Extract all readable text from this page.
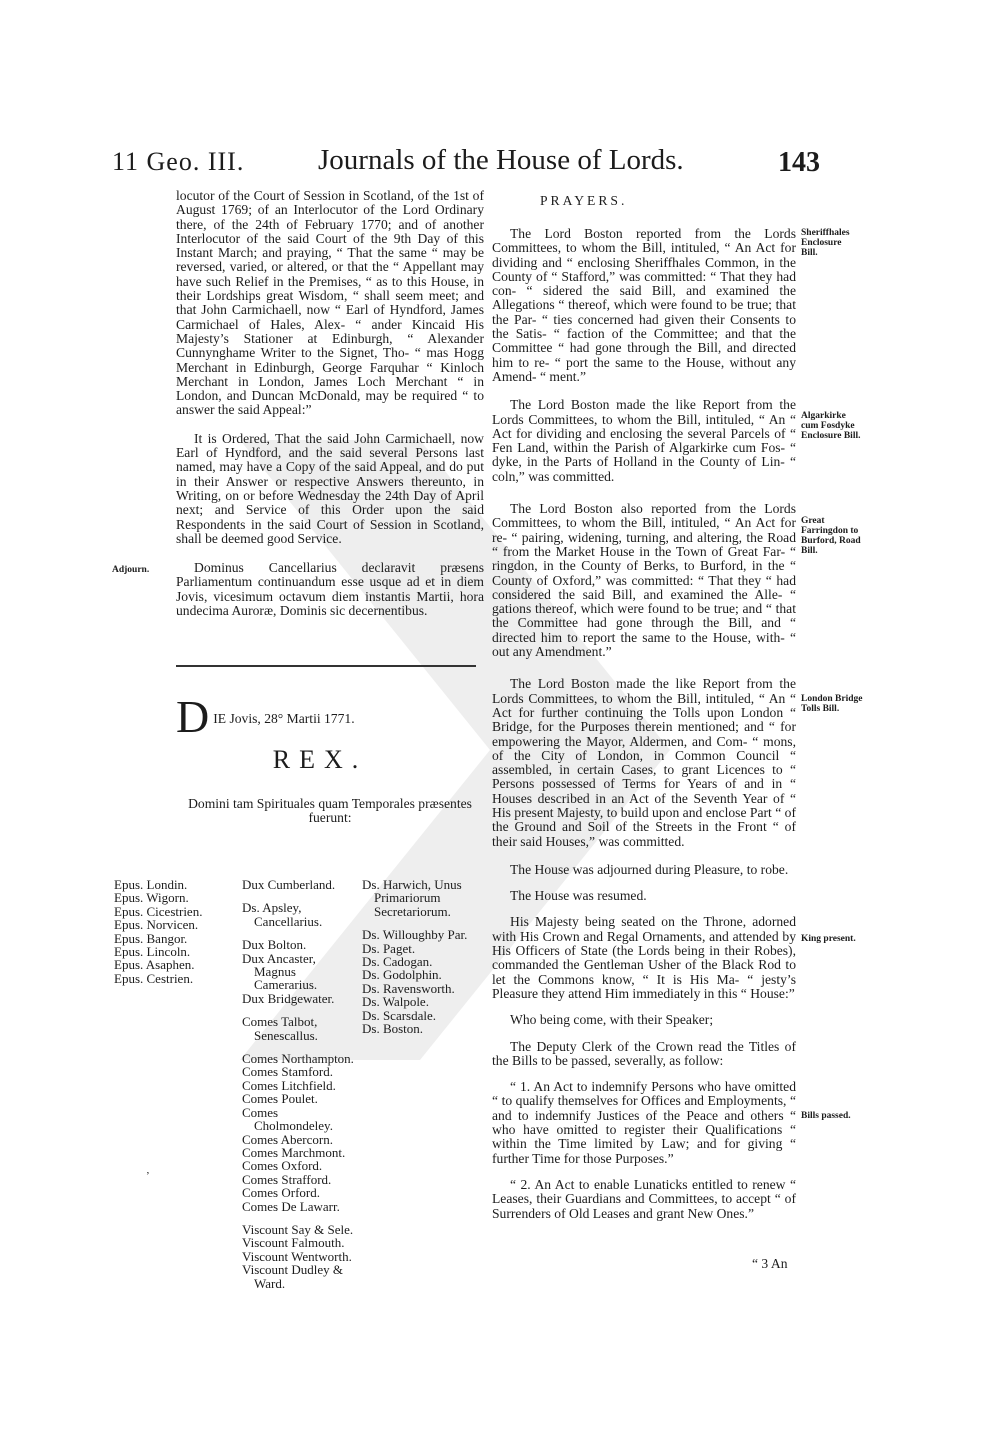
11 Geo. III.	Journals of the House of Lords.	143

locutor of the Court of Session in Scotland, of the 1st of August 1769; of an Interlocutor of the Lord Ordinary there, of the 24th of February 1770; and of another Interlocutor of the said Court of the 9th Day of this Instant March; and praying, “ That the same “ may be reversed, varied, or altered, or that the “ Appellant may have such Relief in the Premises, “ as to this House, in their Lordships great Wisdom, “ shall seem meet; and that John Carmichaell, now “ Earl of Hyndford, James Carmichael of Hales, Alex- “ ander Kincaid His Majesty’s Stationer at Edinburgh, “ Alexander Cunnynghame Writer to the Signet, Tho- “ mas Hogg Merchant in Edinburgh, George Farquhar “ Kinloch Merchant in London, James Loch Merchant “ in London, and Duncan McDonald, may be required “ to answer the said Appeal:”

It is Ordered, That the said John Carmichaell, now Earl of Hyndford, and the said several Persons last named, may have a Copy of the said Appeal, and do put in their Answer or respective Answers thereunto, in Writing, on or before Wednesday the 24th Day of April next; and Service of this Order upon the said Respondents in the said Court of Session in Scotland, shall be deemed good Service.

Adjourn.	Dominus Cancellarius declaravit præsens Parliamentum continuandum esse usque ad et in diem Jovis, vicesimum octavum diem instantis Martii, hora undecima Auroræ, Dominis sic decernentibus.
D IE Jovis, 28° Martii 1771.
REX.
Domini tam Spirituales quam Temporales præsentes fuerunt:
Epus. Londin.
Epus. Wigorn.
Epus. Cicestrien.
Epus. Norvicen.
Epus. Bangor.
Epus. Lincoln.
Epus. Asaphen.
Epus. Cestrien.
Dux Cumberland.
Ds. Apsley, Cancellarius.
Dux Bolton.
Dux Ancaster, Magnus Camerarius.
Dux Bridgewater.
Comes Talbot, Senescallus.
Comes Northampton.
Comes Stamford.
Comes Litchfield.
Comes Poulet.
Comes Cholmondeley.
Comes Abercorn.
Comes Marchmont.
Comes Oxford.
Comes Strafford.
Comes Orford.
Comes De Lawarr.
Viscount Say & Sele.
Viscount Falmouth.
Viscount Wentworth.
Viscount Dudley & Ward.
Ds. Harwich, Unus Primariorum Secretariorum.
Ds. Willoughby Par.
Ds. Paget.
Ds. Cadogan.
Ds. Godolphin.
Ds. Ravensworth.
Ds. Walpole.
Ds. Scarsdale.
Ds. Boston.
ʼ
PRAYERS.

The Lord Boston reported from the Lords Committees, to whom the Bill, intituled, “ An Act for dividing and “ enclosing Sheriffhales Common, in the County of “ Stafford,” was committed: “ That they had con- “ sidered the said Bill, and examined the Allegations “ thereof, which were found to be true; that the Par- “ ties concerned had given their Consents to the Satis- “ faction of the Committee; and that the Committee “ had gone through the Bill, and directed him to re- “ port the same to the House, without any Amend- “ ment.”

The Lord Boston made the like Report from the Lords Committees, to whom the Bill, intituled, “ An “ Act for dividing and enclosing the several Parcels of “ Fen Land, within the Parish of Algarkirke cum Fos- “ dyke, in the Parts of Holland in the County of Lin- “ coln,” was committed.

The Lord Boston also reported from the Lords Committees, to whom the Bill, intituled, “ An Act for re- “ pairing, widening, turning, and altering, the Road “ from the Market House in the Town of Great Far- “ ringdon, in the County of Berks, to Burford, in the “ County of Oxford,” was committed: “ That they “ had considered the said Bill, and examined the Alle- “ gations thereof, which were found to be true; and “ that the Committee had gone through the Bill, and “ directed him to report the same to the House, with- “ out any Amendment.”

The Lord Boston made the like Report from the Lords Committees, to whom the Bill, intituled, “ An “ Act for further continuing the Tolls upon London “ Bridge, for the Purposes therein mentioned; and “ for empowering the Mayor, Aldermen, and Com- “ mons, of the City of London, in Common Council “ assembled, in certain Cases, to grant Licences to “ Persons possessed of Terms for Years of and in “ Houses described in an Act of the Seventh Year of “ His present Majesty, to build upon and enclose Part “ of the Ground and Soil of the Streets in the Front “ of their said Houses,” was committed.

The House was adjourned during Pleasure, to robe.

The House was resumed.

His Majesty being seated on the Throne, adorned with His Crown and Regal Ornaments, and attended by His Officers of State (the Lords being in their Robes), commanded the Gentleman Usher of the Black Rod to let the Commons know, “ It is His Ma- “ jesty’s Pleasure they attend Him immediately in this “ House:”

Who being come, with their Speaker;

The Deputy Clerk of the Crown read the Titles of the Bills to be passed, severally, as follow:

“ 1. An Act to indemnify Persons who have omitted “ to qualify themselves for Offices and Employments, “ and to indemnify Justices of the Peace and others “ who have omitted to register their Qualifications “ within the Time limited by Law; and for giving “ further Time for those Purposes.”

“ 2. An Act to enable Lunaticks entitled to renew “ Leases, their Guardians and Committees, to accept “ of Surrenders of Old Leases and grant New Ones.”

“ 3 An
Sheriffhales Enclosure Bill.
Algarkirke cum Fosdyke Enclosure Bill.
Great Farringdon to Burford, Road Bill.
London Bridge Tolls Bill.
King present.
Bills passed.
